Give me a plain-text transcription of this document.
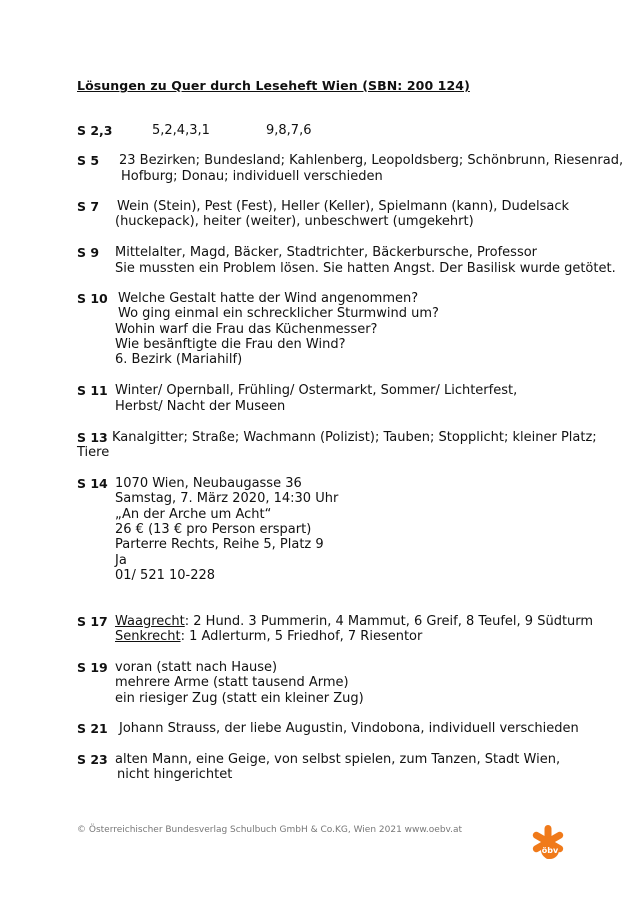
Lösungen zu Quer durch Leseheft Wien (SBN: 200 124)
S 2,3	5,2,4,3,1	9,8,7,6
S 5 23 Bezirken; Bundesland; Kahlenberg, Leopoldsberg; Schönbrunn, Riesenrad,
Hofburg; Donau; individuell verschieden
S 7 Wein (Stein), Pest (Fest), Heller (Keller), Spielmann (kann), Dudelsack
(huckepack), heiter (weiter), unbeschwert (umgekehrt)
S 9 Mittelalter, Magd, Bäcker, Stadtrichter, Bäckerbursche, Professor
Sie mussten ein Problem lösen. Sie hatten Angst. Der Basilisk wurde getötet.
S 10 Welche Gestalt hatte der Wind angenommen?
Wo ging einmal ein schrecklicher Sturmwind um?
Wohin warf die Frau das Küchenmesser?
Wie besänftigte die Frau den Wind?
6. Bezirk (Mariahilf)
S 11 Winter/ Opernball, Frühling/ Ostermarkt, Sommer/ Lichterfest,
Herbst/ Nacht der Museen
S 13 Kanalgitter; Straße; Wachmann (Polizist); Tauben; Stopplicht; kleiner Platz;
Tiere
S 14 1070 Wien, Neubaugasse 36
Samstag, 7. März 2020, 14:30 Uhr
„An der Arche um Acht“
26 € (13 € pro Person erspart)
Parterre Rechts, Reihe 5, Platz 9
Ja
01/ 521 10-228
S 17 Waagrecht: 2 Hund. 3 Pummerin, 4 Mammut, 6 Greif, 8 Teufel, 9 Südturm
Senkrecht: 1 Adlerturm, 5 Friedhof, 7 Riesentor
S 19 voran (statt nach Hause)
mehrere Arme (statt tausend Arme)
ein riesiger Zug (statt ein kleiner Zug)
S 21 Johann Strauss, der liebe Augustin, Vindobona, individuell verschieden
S 23 alten Mann, eine Geige, von selbst spielen, zum Tanzen, Stadt Wien,
nicht hingerichtet
© Österreichischer Bundesverlag Schulbuch GmbH & Co.KG, Wien 2021 www.oebv.at
öbv
